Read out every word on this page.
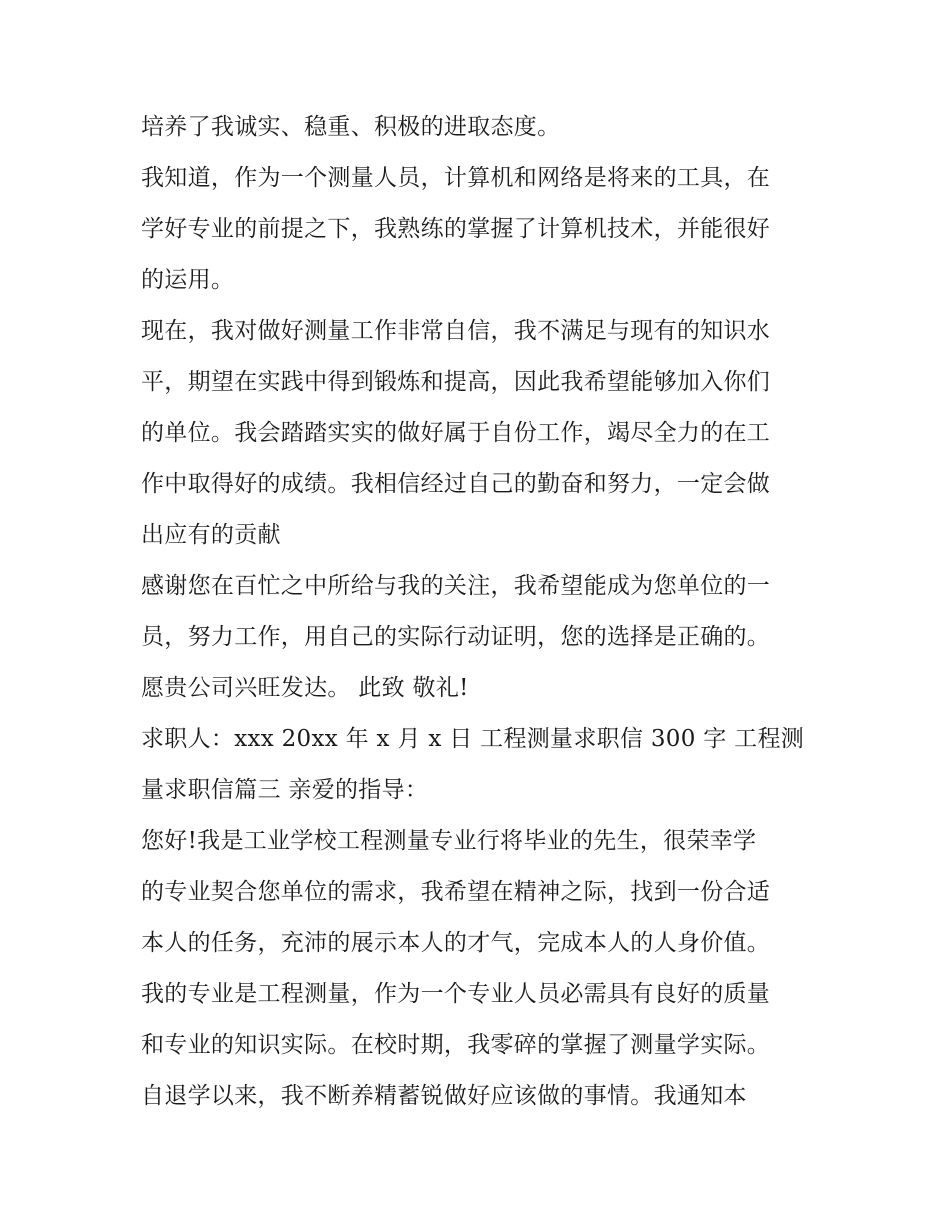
培养了我诚实、稳重、积极的进取态度。
我知道，作为一个测量人员，计算机和网络是将来的工具，在
学好专业的前提之下，我熟练的掌握了计算机技术，并能很好
的运用。
现在，我对做好测量工作非常自信，我不满足与现有的知识水
平，期望在实践中得到锻炼和提高，因此我希望能够加入你们
的单位。我会踏踏实实的做好属于自份工作，竭尽全力的在工
作中取得好的成绩。我相信经过自己的勤奋和努力，一定会做
出应有的贡献
感谢您在百忙之中所给与我的关注，我希望能成为您单位的一
员，努力工作，用自己的实际行动证明，您的选择是正确的。
愿贵公司兴旺发达。 此致 敬礼!
求职人：xxx 20xx 年 x 月 x 日 工程测量求职信 300 字 工程测
量求职信篇三 亲爱的指导：
您好!我是工业学校工程测量专业行将毕业的先生，很荣幸学
的专业契合您单位的需求，我希望在精神之际，找到一份合适
本人的任务，充沛的展示本人的才气，完成本人的人身价值。
我的专业是工程测量，作为一个专业人员必需具有良好的质量
和专业的知识实际。在校时期，我零碎的掌握了测量学实际。
自退学以来，我不断养精蓄锐做好应该做的事情。我通知本
